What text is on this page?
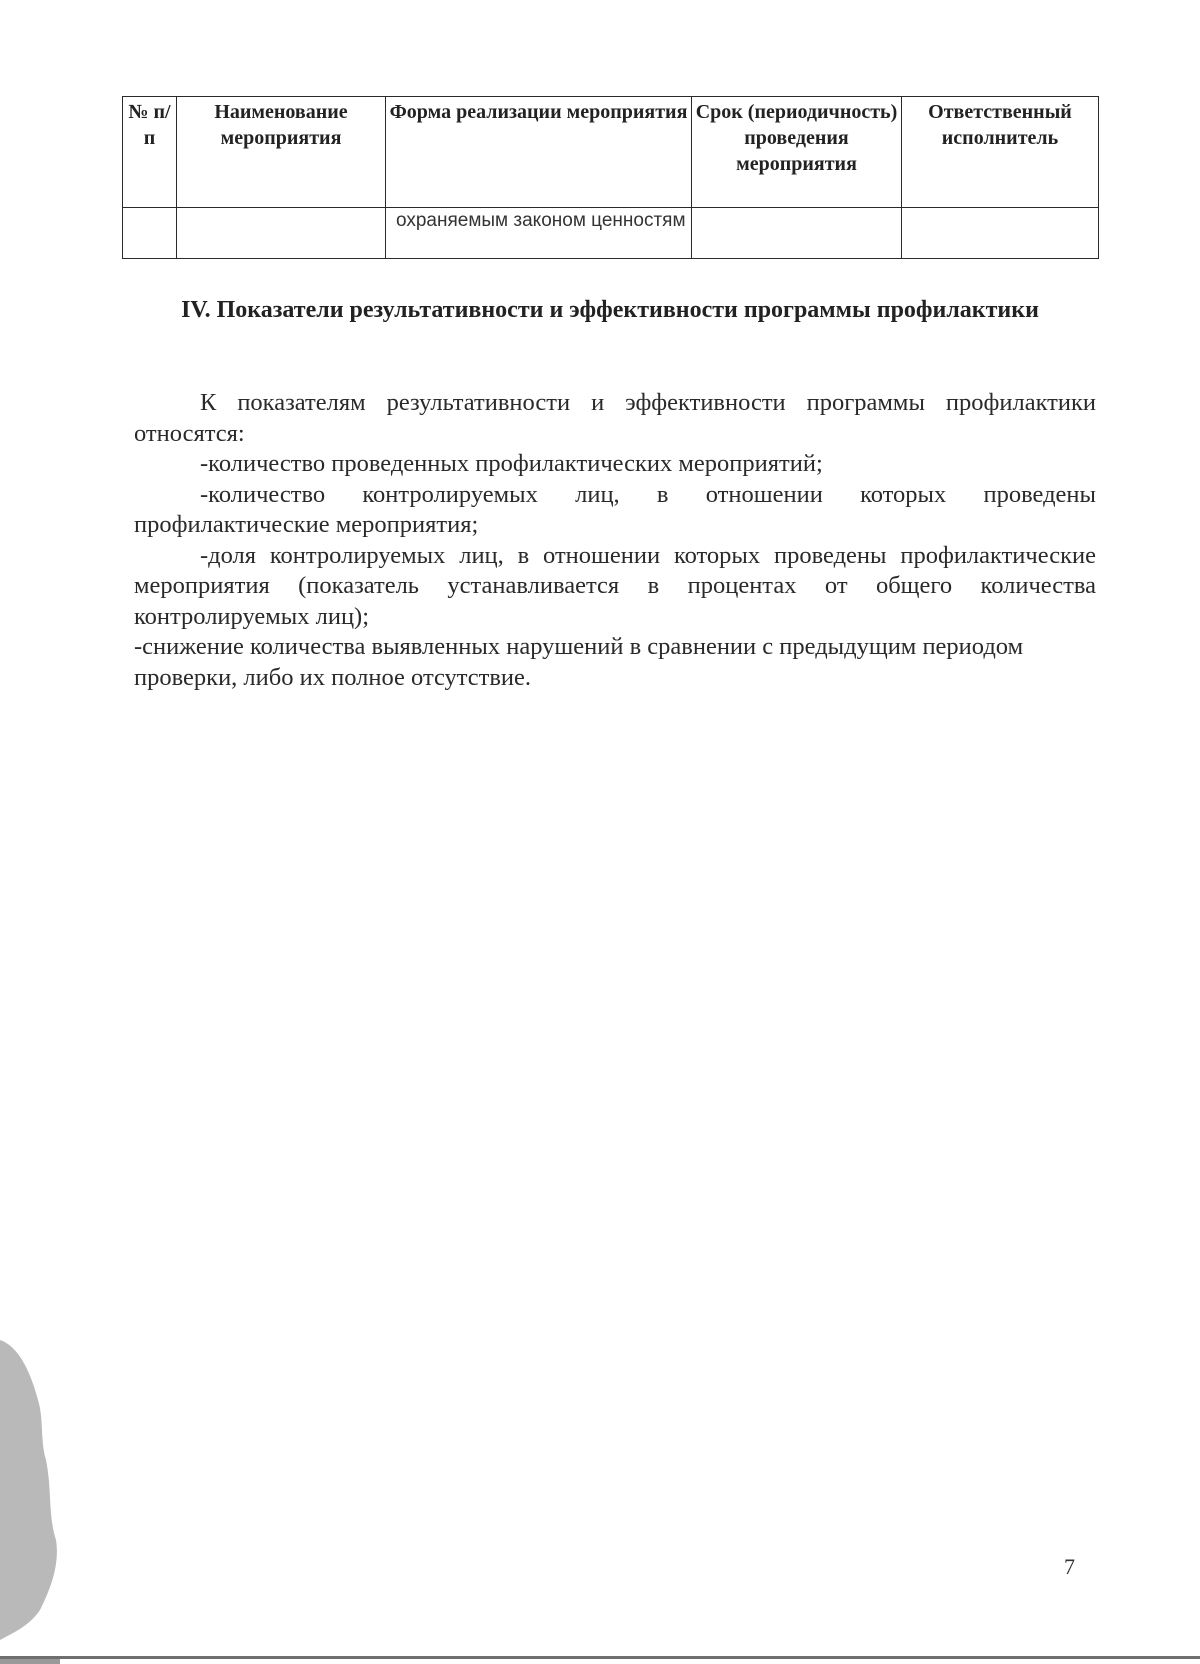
№ п/ п	Наименование мероприятия	Форма реализации мероприятия	Срок (периодичность) проведения мероприятия	Ответственный исполнитель
		охраняемым законом ценностям		
IV. Показатели результативности и эффективности программы профилактики

К показателям результативности и эффективности программы профилактики относятся:

-количество проведенных профилактических мероприятий;

-количество контролируемых лиц, в отношении которых проведены профилактические мероприятия;

-доля контролируемых лиц, в отношении которых проведены профилактические мероприятия (показатель устанавливается в процентах от общего количества контролируемых лиц);

-снижение количества выявленных нарушений в сравнении с предыдущим периодом проверки, либо их полное отсутствие.

7
